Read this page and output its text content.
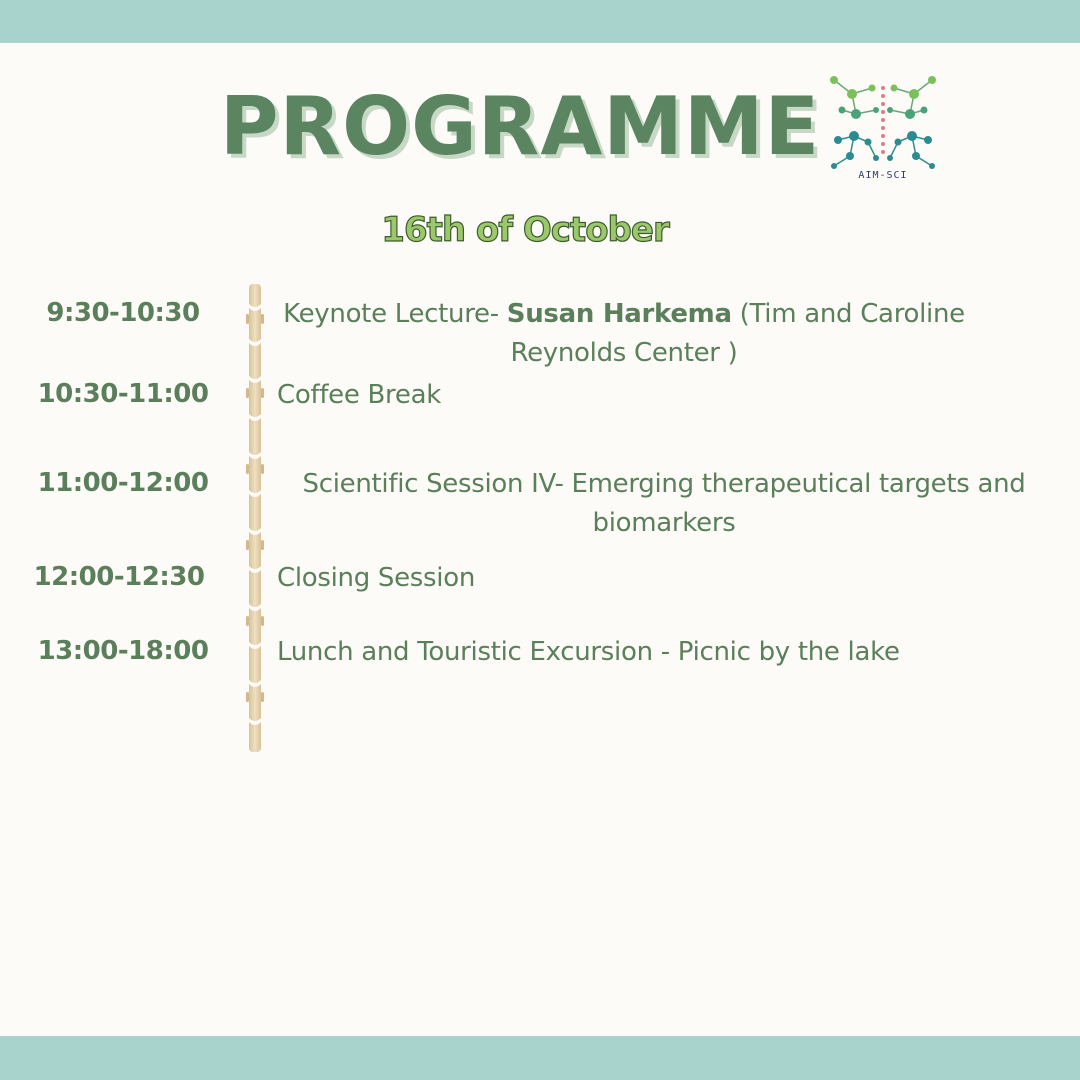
PROGRAMME
AIM-SCI
16th of October
9:30-10:30	Keynote Lecture- Susan Harkema (Tim and Caroline Reynolds Center )
10:30-11:00	Coffee Break
11:00-12:00	Scientific Session IV- Emerging therapeutical targets and biomarkers
12:00-12:30	Closing Session
13:00-18:00	Lunch and Touristic Excursion - Picnic by the lake
